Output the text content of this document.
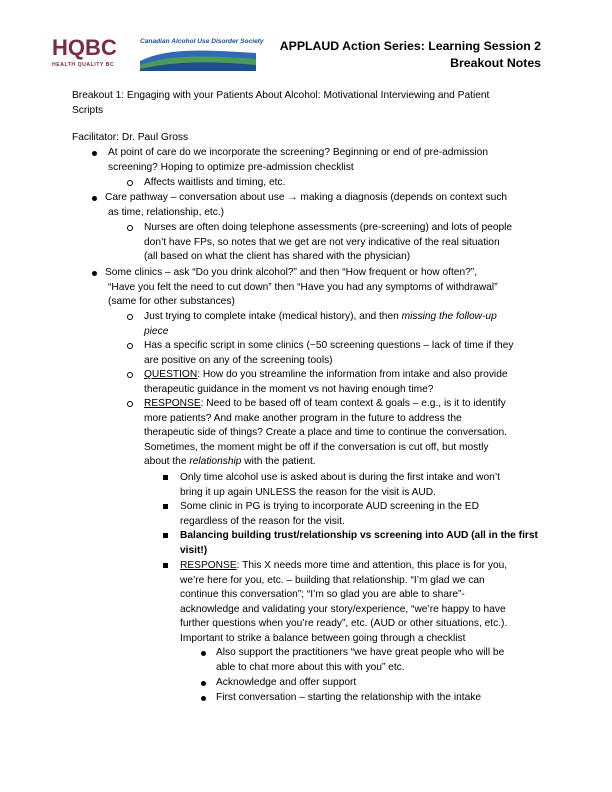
HQBC
HEALTH QUALITY BC
Canadian Alcohol Use Disorder Society APPLAUD Action Series: Learning Session 2
Breakout Notes
Breakout 1: Engaging with your Patients About Alcohol: Motivational Interviewing and Patient
Scripts
Facilitator: Dr. Paul Gross
At point of care do we incorporate the screening? Beginning or end of pre-admission
screening? Hoping to optimize pre-admission checklist
Affects waitlists and timing, etc.
Care pathway – conversation about use → making a diagnosis (depends on context such
as time, relationship, etc.)
Nurses are often doing telephone assessments (pre-screening) and lots of people
don’t have FPs, so notes that we get are not very indicative of the real situation
(all based on what the client has shared with the physician)
Some clinics – ask “Do you drink alcohol?” and then “How frequent or how often?”,
“Have you felt the need to cut down” then “Have you had any symptoms of withdrawal”
(same for other substances)
Just trying to complete intake (medical history), and then missing the follow-up
piece
Has a specific script in some clinics (~50 screening questions – lack of time if they
are positive on any of the screening tools)
QUESTION: How do you streamline the information from intake and also provide
therapeutic guidance in the moment vs not having enough time?
RESPONSE: Need to be based off of team context & goals – e.g., is it to identify
more patients? And make another program in the future to address the
therapeutic side of things? Create a place and time to continue the conversation.
Sometimes, the moment might be off if the conversation is cut off, but mostly
about the relationship with the patient.
Only time alcohol use is asked about is during the first intake and won’t
bring it up again UNLESS the reason for the visit is AUD.
Some clinic in PG is trying to incorporate AUD screening in the ED
regardless of the reason for the visit.
Balancing building trust/relationship vs screening into AUD (all in the first
visit!)
RESPONSE: This X needs more time and attention, this place is for you,
we’re here for you, etc. – building that relationship. “I’m glad we can
continue this conversation”; “I’m so glad you are able to share”-
acknowledge and validating your story/experience, “we’re happy to have
further questions when you’re ready”, etc. (AUD or other situations, etc.).
Important to strike a balance between going through a checklist
Also support the practitioners “we have great people who will be
able to chat more about this with you” etc.
Acknowledge and offer support
First conversation – starting the relationship with the intake
